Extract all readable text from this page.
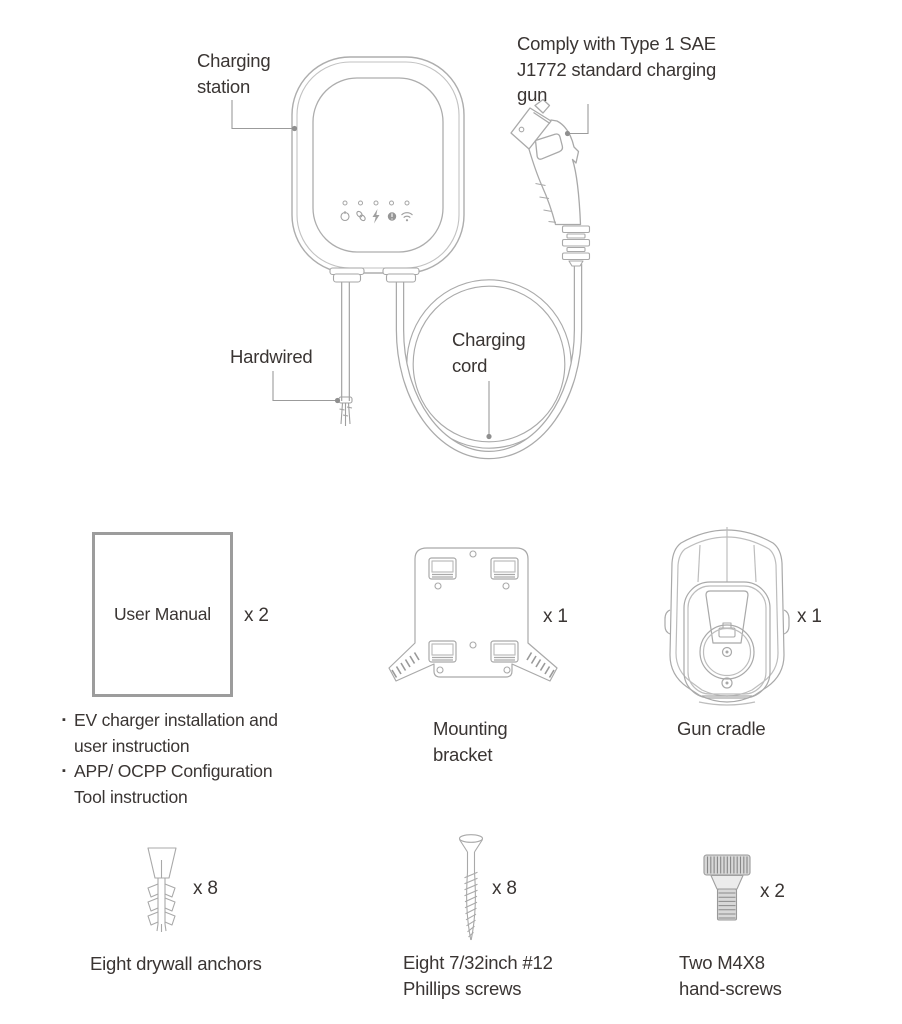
Charging
station
Comply with Type 1 SAE
J1772 standard charging
gun
Hardwired
Charging
cord
User Manual x 2
▪ EV charger installation and
user instruction
▪ APP/ OCPP Configuration
Tool instruction
x 1
Mounting
bracket
x 1
Gun cradle
x 8
Eight drywall anchors
x 8
Eight 7/32inch #12
Phillips screws
x 2
Two M4X8
hand-screws
